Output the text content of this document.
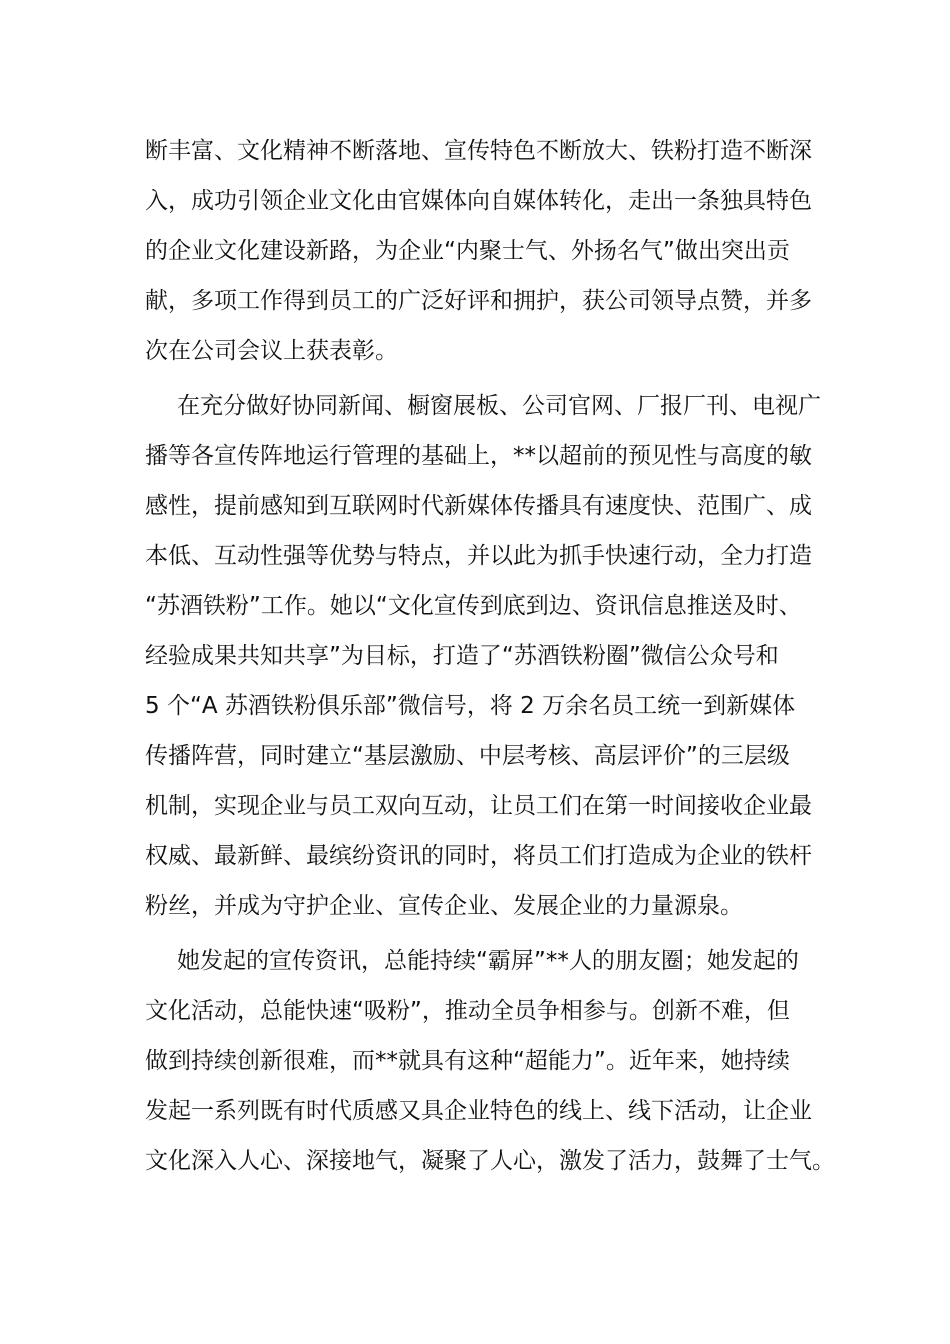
断丰富、文化精神不断落地、宣传特色不断放大、铁粉打造不断深
入，成功引领企业文化由官媒体向自媒体转化，走出一条独具特色
的企业文化建设新路，为企业“内聚士气、外扬名气”做出突出贡
献，多项工作得到员工的广泛好评和拥护，获公司领导点赞，并多
次在公司会议上获表彰。
在充分做好协同新闻、橱窗展板、公司官网、厂报厂刊、电视广
播等各宣传阵地运行管理的基础上，**以超前的预见性与高度的敏
感性，提前感知到互联网时代新媒体传播具有速度快、范围广、成
本低、互动性强等优势与特点，并以此为抓手快速行动，全力打造
“苏酒铁粉”工作。她以“文化宣传到底到边、资讯信息推送及时、
经验成果共知共享”为目标，打造了“苏酒铁粉圈”微信公众号和
5 个“A 苏酒铁粉俱乐部”微信号，将 2 万余名员工统一到新媒体
传播阵营，同时建立“基层激励、中层考核、高层评价”的三层级
机制，实现企业与员工双向互动，让员工们在第一时间接收企业最
权威、最新鲜、最缤纷资讯的同时，将员工们打造成为企业的铁杆
粉丝，并成为守护企业、宣传企业、发展企业的力量源泉。
她发起的宣传资讯，总能持续“霸屏”**人的朋友圈；她发起的
文化活动，总能快速“吸粉”，推动全员争相参与。创新不难，但
做到持续创新很难，而**就具有这种“超能力”。近年来，她持续
发起一系列既有时代质感又具企业特色的线上、线下活动，让企业
文化深入人心、深接地气，凝聚了人心，激发了活力，鼓舞了士气。
